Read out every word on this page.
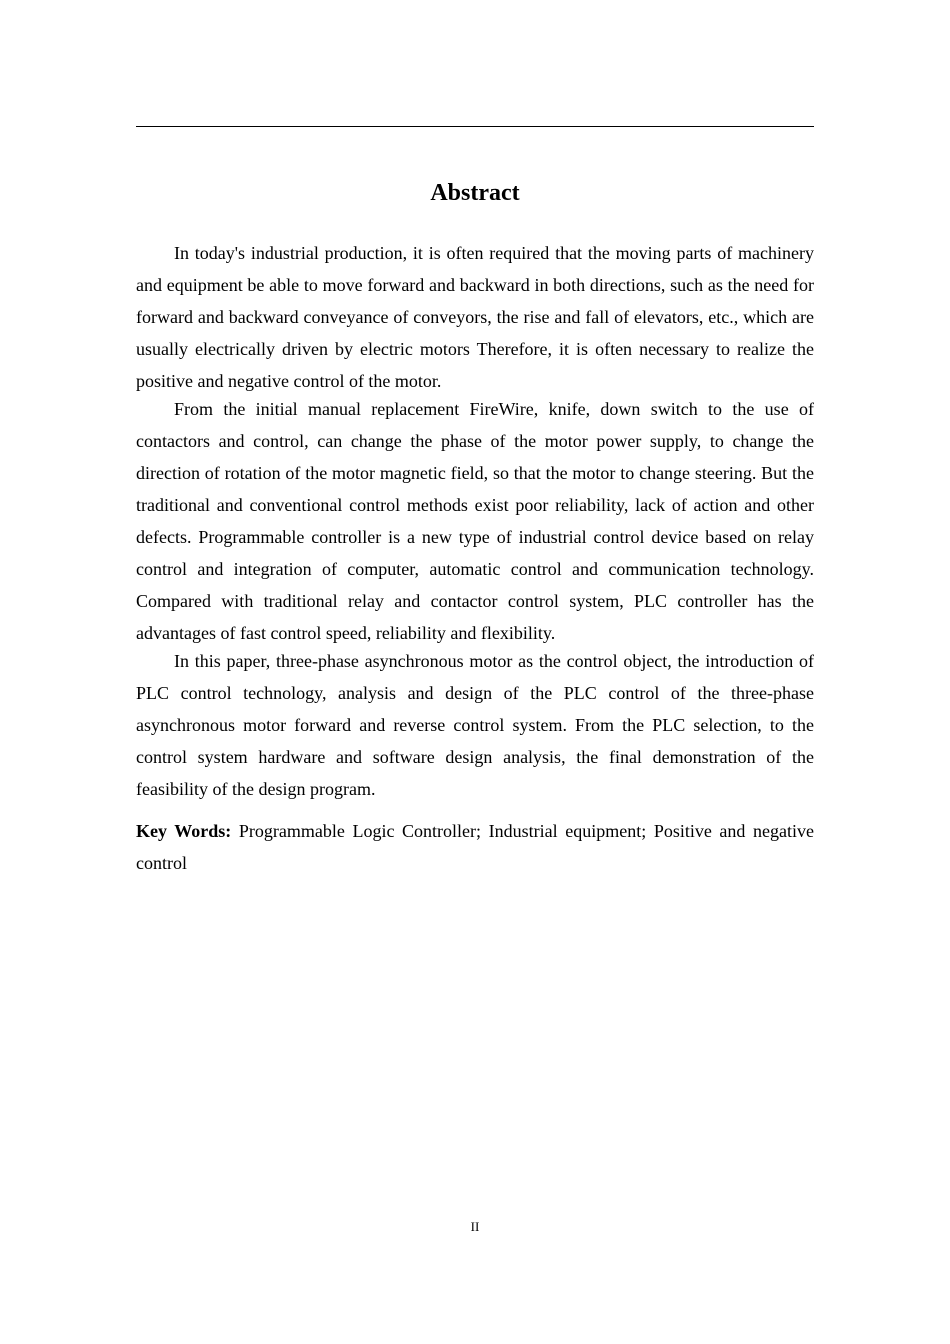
Abstract

In today's industrial production, it is often required that the moving parts of machinery and equipment be able to move forward and backward in both directions, such as the need for forward and backward conveyance of conveyors, the rise and fall of elevators, etc., which are usually electrically driven by electric motors Therefore, it is often necessary to realize the positive and negative control of the motor.

From the initial manual replacement FireWire, knife, down switch to the use of contactors and control, can change the phase of the motor power supply, to change the direction of rotation of the motor magnetic field, so that the motor to change steering. But the traditional and conventional control methods exist poor reliability, lack of action and other defects. Programmable controller is a new type of industrial control device based on relay control and integration of computer, automatic control and communication technology. Compared with traditional relay and contactor control system, PLC controller has the advantages of fast control speed, reliability and flexibility.

In this paper, three-phase asynchronous motor as the control object, the introduction of PLC control technology, analysis and design of the PLC control of the three-phase asynchronous motor forward and reverse control system. From the PLC selection, to the control system hardware and software design analysis, the final demonstration of the feasibility of the design program.

Key Words: Programmable Logic Controller; Industrial equipment; Positive and negative control

II
